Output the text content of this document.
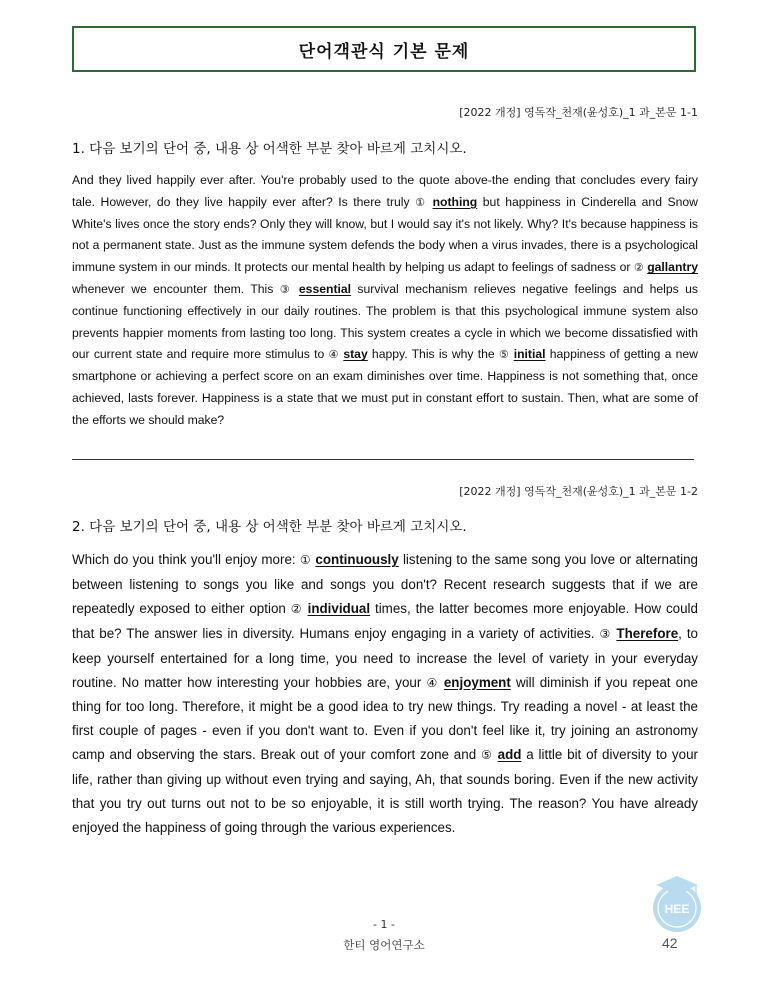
단어객관식 기본 문제
[2022 개정] 영독작_천재(윤성호)_1 과_본문 1-1
1. 다음 보기의 단어 중, 내용 상 어색한 부분 찾아 바르게 고치시오.
And they lived happily ever after. You're probably used to the quote above-the ending that concludes every fairy tale. However, do they live happily ever after? Is there truly ① nothing but happiness in Cinderella and Snow White's lives once the story ends? Only they will know, but I would say it's not likely. Why? It's because happiness is not a permanent state. Just as the immune system defends the body when a virus invades, there is a psychological immune system in our minds. It protects our mental health by helping us adapt to feelings of sadness or ② gallantry whenever we encounter them. This ③ essential survival mechanism relieves negative feelings and helps us continue functioning effectively in our daily routines. The problem is that this psychological immune system also prevents happier moments from lasting too long. This system creates a cycle in which we become dissatisfied with our current state and require more stimulus to ④ stay happy. This is why the ⑤ initial happiness of getting a new smartphone or achieving a perfect score on an exam diminishes over time. Happiness is not something that, once achieved, lasts forever. Happiness is a state that we must put in constant effort to sustain. Then, what are some of the efforts we should make?
[2022 개정] 영독작_천재(윤성호)_1 과_본문 1-2
2. 다음 보기의 단어 중, 내용 상 어색한 부분 찾아 바르게 고치시오.
Which do you think you'll enjoy more: ① continuously listening to the same song you love or alternating between listening to songs you like and songs you don't? Recent research suggests that if we are repeatedly exposed to either option ② individual times, the latter becomes more enjoyable. How could that be? The answer lies in diversity. Humans enjoy engaging in a variety of activities. ③ Therefore, to keep yourself entertained for a long time, you need to increase the level of variety in your everyday routine. No matter how interesting your hobbies are, your ④ enjoyment will diminish if you repeat one thing for too long. Therefore, it might be a good idea to try new things. Try reading a novel - at least the first couple of pages - even if you don't want to. Even if you don't feel like it, try joining an astronomy camp and observing the stars. Break out of your comfort zone and ⑤ add a little bit of diversity to your life, rather than giving up without even trying and saying, Ah, that sounds boring. Even if the new activity that you try out turns out not to be so enjoyable, it is still worth trying. The reason? You have already enjoyed the happiness of going through the various experiences.
HEE
- 1 -
한티 영어연구소	42
